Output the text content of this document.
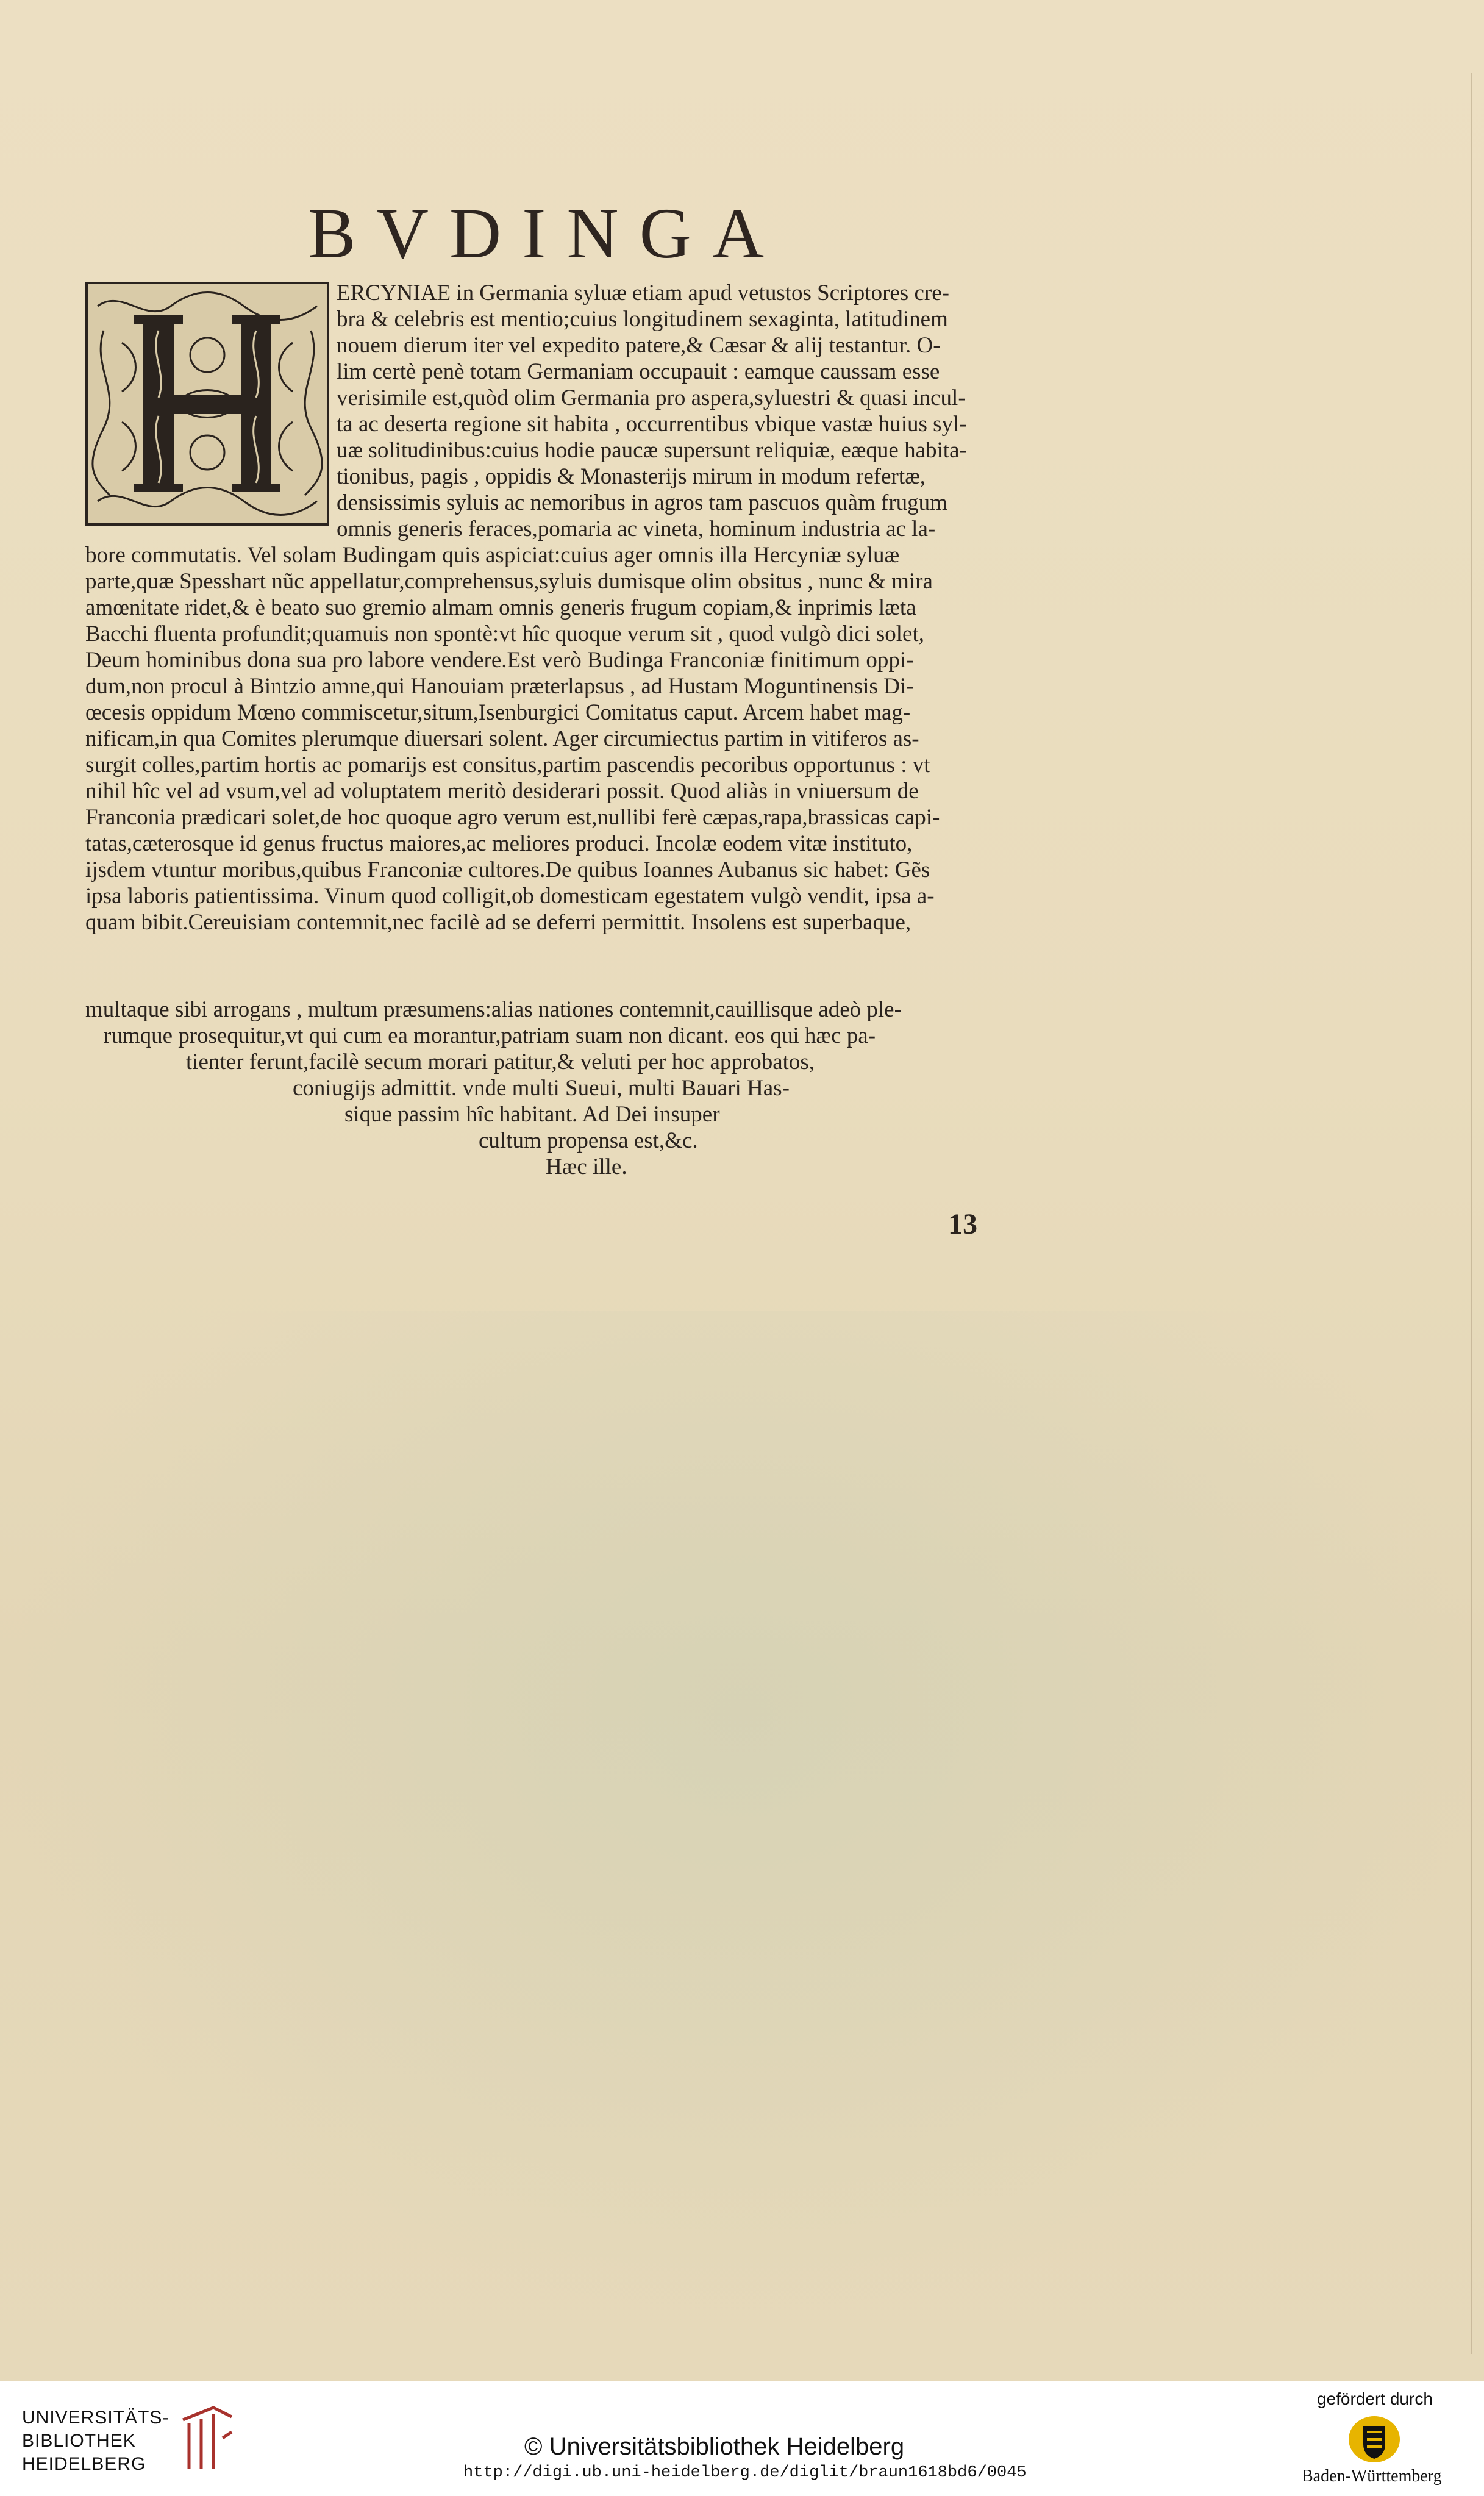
BVDINGA
ERCYNIAE in Germania syluæ etiam apud vetustos Scriptores cre-
bra & celebris est mentio;cuius longitudinem sexaginta, latitudinem
nouem dierum iter vel expedito patere,& Cæsar & alij testantur. O-
lim certè penè totam Germaniam occupauit : eamque caussam esse
verisimile est,quòd olim Germania pro aspera,syluestri & quasi incul-
ta ac deserta regione sit habita , occurrentibus vbique vastæ huius syl-
uæ solitudinibus:cuius hodie paucæ supersunt reliquiæ, eæque habita-
tionibus, pagis , oppidis & Monasterijs mirum in modum refertæ,
densissimis syluis ac nemoribus in agros tam pascuos quàm frugum
omnis generis feraces,pomaria ac vineta, hominum industria ac la-
bore commutatis. Vel solam Budingam quis aspiciat:cuius ager omnis illa Hercyniæ syluæ
parte,quæ Spesshart nũc appellatur,comprehensus,syluis dumisque olim obsitus , nunc & mira
amœnitate ridet,& è beato suo gremio almam omnis generis frugum copiam,& inprimis læta
Bacchi fluenta profundit;quamuis non spontè:vt hîc quoque verum sit , quod vulgò dici solet,
Deum hominibus dona sua pro labore vendere.Est verò Budinga Franconiæ finitimum oppi-
dum,non procul à Bintzio amne,qui Hanouiam præterlapsus , ad Hustam Moguntinensis Di-
œcesis oppidum Mœno commiscetur,situm,Isenburgici Comitatus caput. Arcem habet mag-
nificam,in qua Comites plerumque diuersari solent. Ager circumiectus partim in vitiferos as-
surgit colles,partim hortis ac pomarijs est consitus,partim pascendis pecoribus opportunus : vt
nihil hîc vel ad vsum,vel ad voluptatem meritò desiderari possit. Quod aliàs in vniuersum de
Franconia prædicari solet,de hoc quoque agro verum est,nullibi ferè cæpas,rapa,brassicas capi-
tatas,cæterosque id genus fructus maiores,ac meliores produci. Incolæ eodem vitæ instituto,
ijsdem vtuntur moribus,quibus Franconiæ cultores.De quibus Ioannes Aubanus sic habet: Gẽs
ipsa laboris patientissima. Vinum quod colligit,ob domesticam egestatem vulgò vendit, ipsa a-
quam bibit.Cereuisiam contemnit,nec facilè ad se deferri permittit. Insolens est superbaque,
multaque sibi arrogans , multum præsumens:alias nationes contemnit,cauillisque adeò ple-
rumque prosequitur,vt qui cum ea morantur,patriam suam non dicant. eos qui hæc pa-
tienter ferunt,facilè secum morari patitur,& veluti per hoc approbatos,
coniugijs admittit. vnde multi Sueui, multi Bauari Has-
sique passim hîc habitant. Ad Dei insuper
cultum propensa est,&c.
Hæc ille.
13
UNIVERSITÄTS-
BIBLIOTHEK
HEIDELBERG
© Universitätsbibliothek Heidelberg
http://digi.ub.uni-heidelberg.de/diglit/braun1618bd6/0045
gefördert durch
Baden-Württemberg
